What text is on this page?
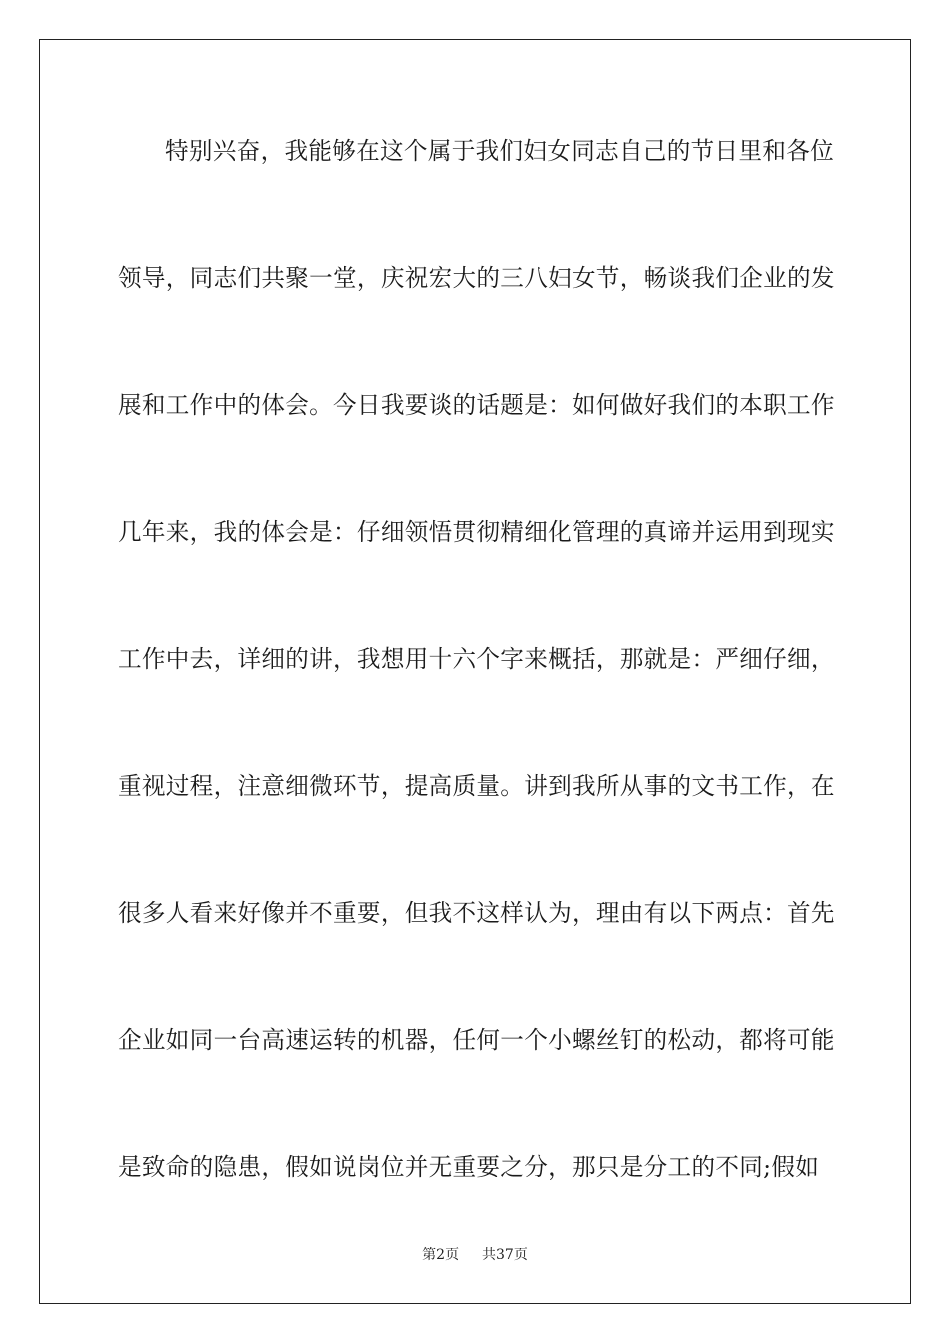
特别兴奋，我能够在这个属于我们妇女同志自己的节日里和各位
领导，同志们共聚一堂，庆祝宏大的三八妇女节，畅谈我们企业的发
展和工作中的体会。今日我要谈的话题是：如何做好我们的本职工作
几年来，我的体会是：仔细领悟贯彻精细化管理的真谛并运用到现实
工作中去，详细的讲，我想用十六个字来概括，那就是：严细仔细，
重视过程，注意细微环节，提高质量。讲到我所从事的文书工作，在
很多人看来好像并不重要，但我不这样认为，理由有以下两点：首先
企业如同一台高速运转的机器，任何一个小螺丝钉的松动，都将可能
是致命的隐患，假如说岗位并无重要之分，那只是分工的不同;假如
第2页 共37页
